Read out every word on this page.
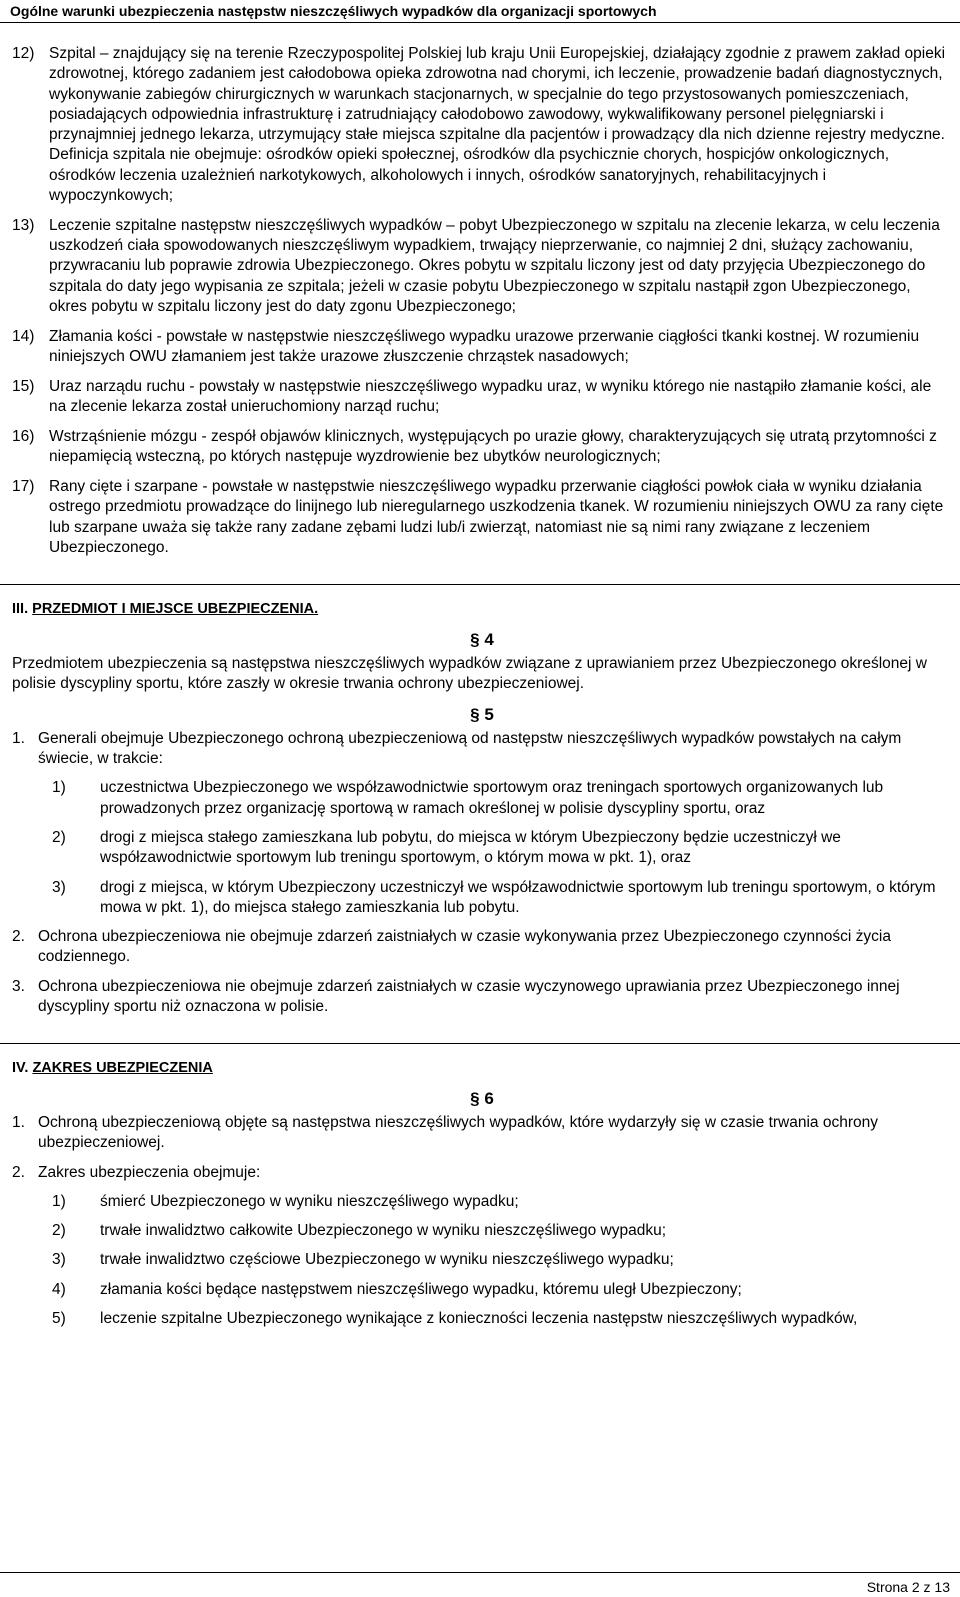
Ogólne warunki ubezpieczenia następstw nieszczęśliwych wypadków dla organizacji sportowych
12) Szpital – znajdujący się na terenie Rzeczypospolitej Polskiej lub kraju Unii Europejskiej, działający zgodnie z prawem zakład opieki zdrowotnej, którego zadaniem jest całodobowa opieka zdrowotna nad chorymi, ich leczenie, prowadzenie badań diagnostycznych, wykonywanie zabiegów chirurgicznych w warunkach stacjonarnych, w specjalnie do tego przystosowanych pomieszczeniach, posiadających odpowiednia infrastrukturę i zatrudniający całodobowo zawodowy, wykwalifikowany personel pielęgniarski i przynajmniej jednego lekarza, utrzymujący stałe miejsca szpitalne dla pacjentów i prowadzący dla nich dzienne rejestry medyczne. Definicja szpitala nie obejmuje: ośrodków opieki społecznej, ośrodków dla psychicznie chorych, hospicjów onkologicznych, ośrodków leczenia uzależnień narkotykowych, alkoholowych i innych, ośrodków sanatoryjnych, rehabilitacyjnych i wypoczynkowych;
13) Leczenie szpitalne następstw nieszczęśliwych wypadków – pobyt Ubezpieczonego w szpitalu na zlecenie lekarza, w celu leczenia uszkodzeń ciała spowodowanych nieszczęśliwym wypadkiem, trwający nieprzerwanie, co najmniej 2 dni, służący zachowaniu, przywracaniu lub poprawie zdrowia Ubezpieczonego. Okres pobytu w szpitalu liczony jest od daty przyjęcia Ubezpieczonego do szpitala do daty jego wypisania ze szpitala; jeżeli w czasie pobytu Ubezpieczonego w szpitalu nastąpił zgon Ubezpieczonego, okres pobytu w szpitalu liczony jest do daty zgonu Ubezpieczonego;
14) Złamania kości - powstałe w następstwie nieszczęśliwego wypadku urazowe przerwanie ciągłości tkanki kostnej. W rozumieniu niniejszych OWU złamaniem jest także urazowe złuszczenie chrząstek nasadowych;
15) Uraz narządu ruchu - powstały w następstwie nieszczęśliwego wypadku uraz, w wyniku którego nie nastąpiło złamanie kości, ale na zlecenie lekarza został unieruchomiony narząd ruchu;
16) Wstrząśnienie mózgu - zespół objawów klinicznych, występujących po urazie głowy, charakteryzujących się utratą przytomności z niepamięcią wsteczną, po których następuje wyzdrowienie bez ubytków neurologicznych;
17) Rany cięte i szarpane - powstałe w następstwie nieszczęśliwego wypadku przerwanie ciągłości powłok ciała w wyniku działania ostrego przedmiotu prowadzące do linijnego lub nieregularnego uszkodzenia tkanek. W rozumieniu niniejszych OWU za rany cięte lub szarpane uważa się także rany zadane zębami ludzi lub/i zwierząt, natomiast nie są nimi rany związane z leczeniem Ubezpieczonego.
III. PRZEDMIOT I MIEJSCE UBEZPIECZENIA.
§ 4
Przedmiotem ubezpieczenia są następstwa nieszczęśliwych wypadków związane z uprawianiem przez Ubezpieczonego określonej w polisie dyscypliny sportu, które zaszły w okresie trwania ochrony ubezpieczeniowej.
§ 5
1. Generali obejmuje Ubezpieczonego ochroną ubezpieczeniową od następstw nieszczęśliwych wypadków powstałych na całym świecie, w trakcie:
1)	uczestnictwa Ubezpieczonego we współzawodnictwie sportowym oraz treningach sportowych organizowanych lub prowadzonych przez organizację sportową w ramach określonej w polisie dyscypliny sportu, oraz
2)	drogi z miejsca stałego zamieszkana lub pobytu, do miejsca w którym Ubezpieczony będzie uczestniczył we współzawodnictwie sportowym lub treningu sportowym, o którym mowa w pkt. 1), oraz
3)	drogi z miejsca, w którym Ubezpieczony uczestniczył we współzawodnictwie sportowym lub treningu sportowym, o którym mowa w pkt. 1), do miejsca stałego zamieszkania lub pobytu.
2. Ochrona ubezpieczeniowa nie obejmuje zdarzeń zaistniałych w czasie wykonywania przez Ubezpieczonego czynności życia codziennego.
3. Ochrona ubezpieczeniowa nie obejmuje zdarzeń zaistniałych w czasie wyczynowego uprawiania przez Ubezpieczonego innej dyscypliny sportu niż oznaczona w polisie.
IV. ZAKRES UBEZPIECZENIA
§ 6
1. Ochroną ubezpieczeniową objęte są następstwa nieszczęśliwych wypadków, które wydarzyły się w czasie trwania ochrony ubezpieczeniowej.
2. Zakres ubezpieczenia obejmuje:
1)	śmierć Ubezpieczonego w wyniku nieszczęśliwego wypadku;
2)	trwałe inwalidztwo całkowite Ubezpieczonego w wyniku nieszczęśliwego wypadku;
3)	trwałe inwalidztwo częściowe Ubezpieczonego w wyniku nieszczęśliwego wypadku;
4)	złamania kości będące następstwem nieszczęśliwego wypadku, któremu uległ Ubezpieczony;
5)	leczenie szpitalne Ubezpieczonego wynikające z konieczności leczenia następstw nieszczęśliwych wypadków,
Strona 2 z 13
